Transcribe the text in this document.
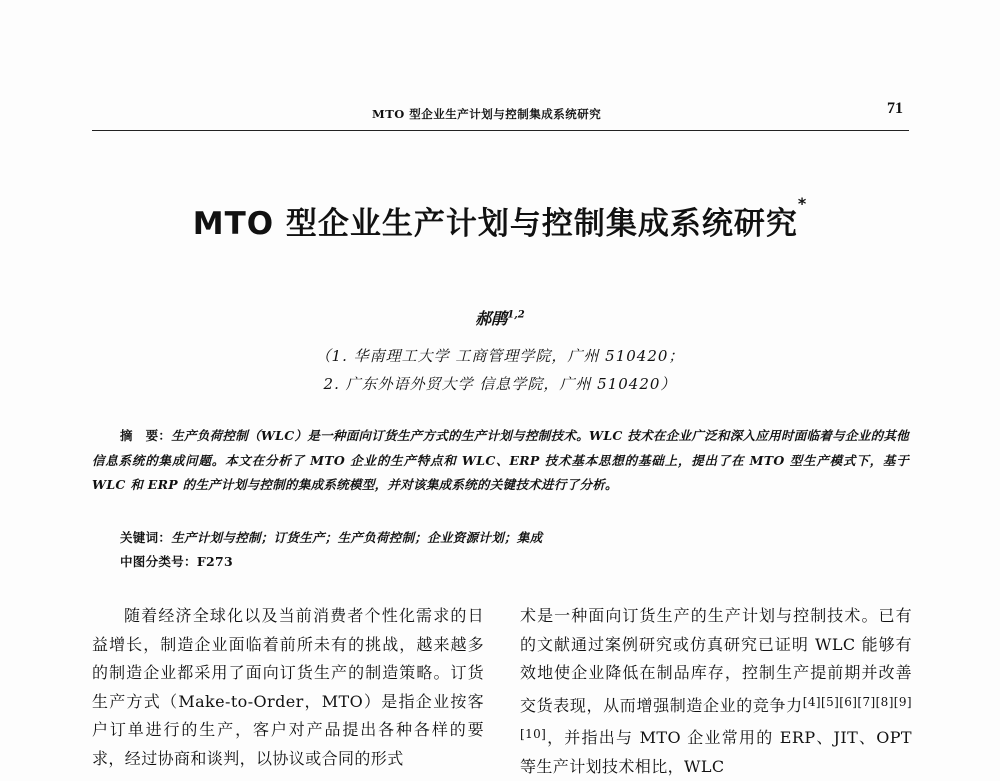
MTO 型企业生产计划与控制集成系统研究	71
MTO 型企业生产计划与控制集成系统研究*
郝鹃$^{1,2}$
（1. 华南理工大学 工商管理学院，广州 510420；
2. 广东外语外贸大学 信息学院，广州 510420）
摘　要：生产负荷控制（WLC）是一种面向订货生产方式的生产计划与控制技术。WLC 技术在企业广泛和深入应用时面临着与企业的其他信息系统的集成问题。本文在分析了 MTO 企业的生产特点和 WLC、ERP 技术基本思想的基础上，提出了在 MTO 型生产模式下，基于 WLC 和 ERP 的生产计划与控制的集成系统模型，并对该集成系统的关键技术进行了分析。
关键词：生产计划与控制；订货生产；生产负荷控制；企业资源计划；集成
中图分类号：F273

随着经济全球化以及当前消费者个性化需求的日益增长，制造企业面临着前所未有的挑战，越来越多的制造企业都采用了面向订货生产的制造策略。订货生产方式（Make-to-Order，MTO）是指企业按客户订单进行的生产，客户对产品提出各种各样的要求，经过协商和谈判，以协议或合同的形式

术是一种面向订货生产的生产计划与控制技术。已有的文献通过案例研究或仿真研究已证明 WLC 能够有效地使企业降低在制品库存，控制生产提前期并改善交货表现，从而增强制造企业的竞争力[4][5][6][7][8][9][10]，并指出与 MTO 企业常用的 ERP、JIT、OPT 等生产计划技术相比，WLC
